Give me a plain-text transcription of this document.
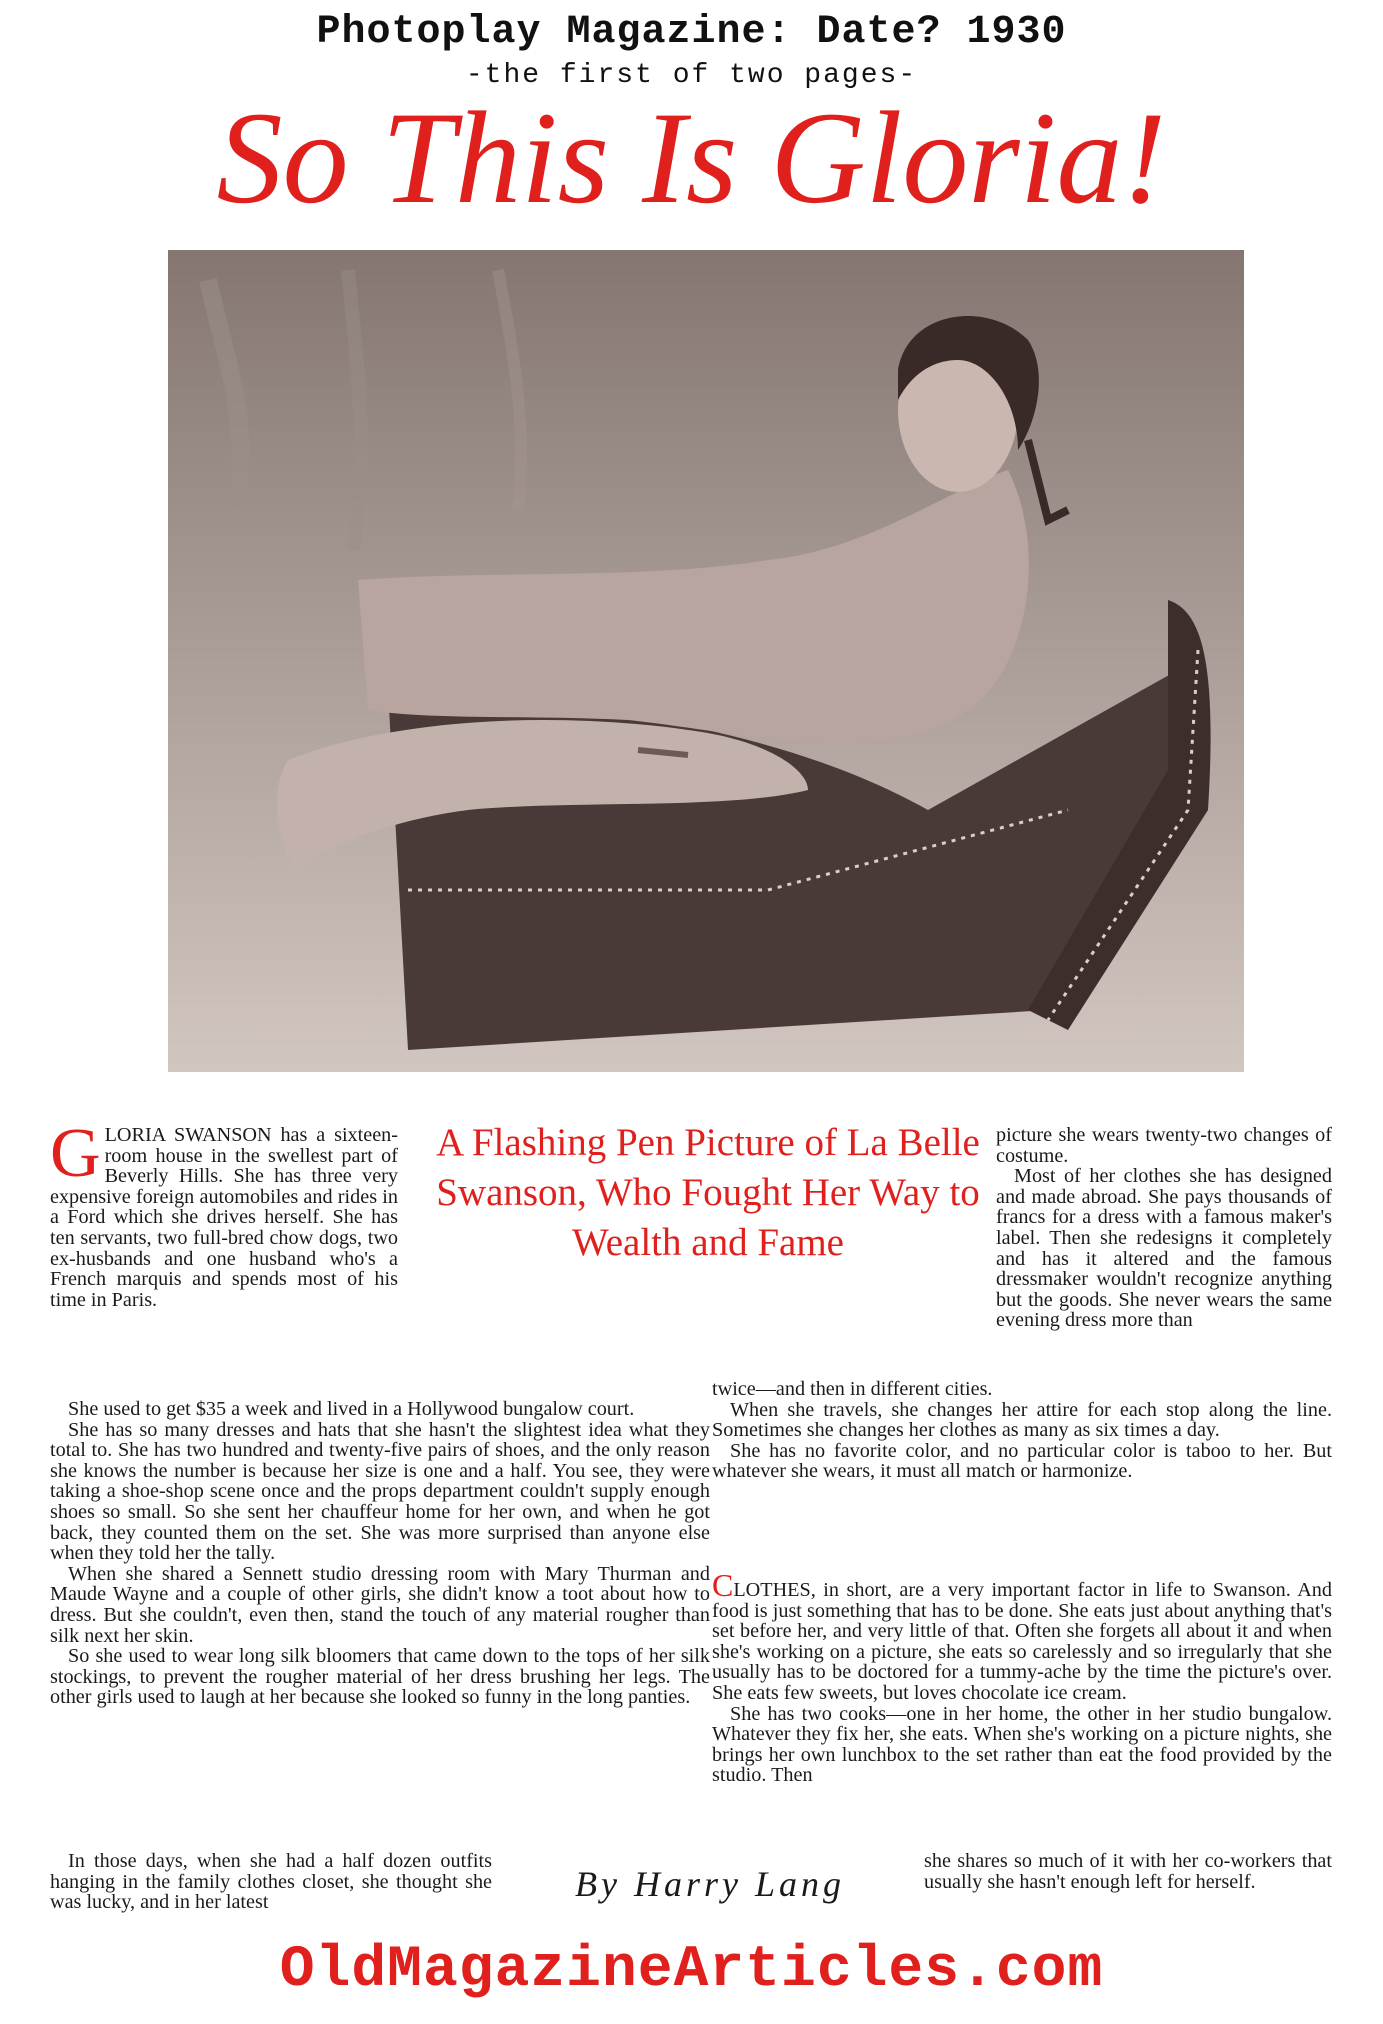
Photoplay Magazine: Date? 1930
-the first of two pages-
So This Is Gloria!
G LORIA SWANSON has a sixteen-room house in the swellest part of Beverly Hills. She has three very expensive foreign automobiles and rides in a Ford which she drives herself. She has ten servants, two full-bred chow dogs, two ex-husbands and one husband who's a French marquis and spends most of his time in Paris.

A Flashing Pen Picture of La Belle Swanson, Who Fought Her Way to Wealth and Fame

picture she wears twenty-two changes of costume.

Most of her clothes she has designed and made abroad. She pays thousands of francs for a dress with a famous maker's label. Then she redesigns it completely and has it altered and the famous dressmaker wouldn't recognize anything but the goods. She never wears the same evening dress more than

She used to get $35 a week and lived in a Hollywood bungalow court.

She has so many dresses and hats that she hasn't the slightest idea what they total to. She has two hundred and twenty-five pairs of shoes, and the only reason she knows the number is because her size is one and a half. You see, they were taking a shoe-shop scene once and the props department couldn't supply enough shoes so small. So she sent her chauffeur home for her own, and when he got back, they counted them on the set. She was more surprised than anyone else when they told her the tally.

When she shared a Sennett studio dressing room with Mary Thurman and Maude Wayne and a couple of other girls, she didn't know a toot about how to dress. But she couldn't, even then, stand the touch of any material rougher than silk next her skin.

So she used to wear long silk bloomers that came down to the tops of her silk stockings, to prevent the rougher material of her dress brushing her legs. The other girls used to laugh at her because she looked so funny in the long panties.

In those days, when she had a half dozen outfits hanging in the family clothes closet, she thought she was lucky, and in her latest

twice—and then in different cities.

When she travels, she changes her attire for each stop along the line. Sometimes she changes her clothes as many as six times a day.

She has no favorite color, and no particular color is taboo to her. But whatever she wears, it must all match or harmonize.

CLOTHES, in short, are a very important factor in life to Swanson. And food is just something that has to be done. She eats just about anything that's set before her, and very little of that. Often she forgets all about it and when she's working on a picture, she eats so carelessly and so irregularly that she usually has to be doctored for a tummy-ache by the time the picture's over. She eats few sweets, but loves chocolate ice cream.

She has two cooks—one in her home, the other in her studio bungalow. Whatever they fix her, she eats. When she's working on a picture nights, she brings her own lunchbox to the set rather than eat the food provided by the studio. Then

she shares so much of it with her co-workers that usually she hasn't enough left for herself.

By Harry Lang
OldMagazineArticles.com
